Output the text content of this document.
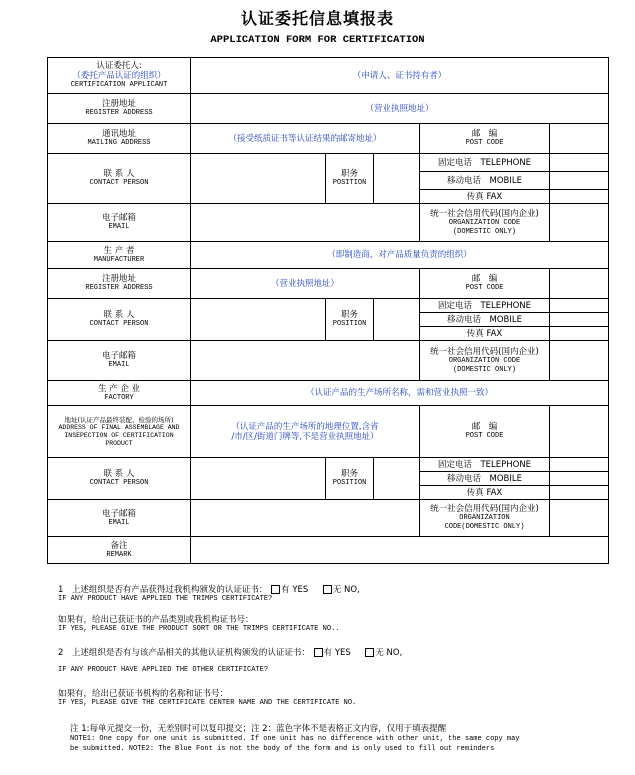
认证委托信息填报表
APPLICATION FORM FOR CERTIFICATION
认证委托人:
（委托产品认证的组织）
CERTIFICATION APPLICANT	（申请人、证书持有者）				

注册地址
REGISTER ADDRESS	（营业执照地址）				

通讯地址
MAILING ADDRESS	（接受纸质证书等认证结果的邮寄地址）			邮　编
POST CODE	

联 系 人
CONTACT PERSON		职务
POSITION		固定电话　TELEPHONE	

				移动电话　MOBILE	

				传真 FAX	

电子邮箱
EMAIL				统一社会信用代码(国内企业)
ORGANIZATION CODE
(DOMESTIC ONLY)	

生 产 者
MANUFACTURER	（即制造商，对产品质量负责的组织）				

注册地址
REGISTER ADDRESS	（营业执照地址）			邮　编
POST CODE	

联 系 人
CONTACT PERSON		职务
POSITION		固定电话　TELEPHONE	

				移动电话　MOBILE	

				传真 FAX	

电子邮箱
EMAIL				统一社会信用代码(国内企业)
ORGANIZATION CODE
(DOMESTIC ONLY)	

生 产 企 业
FACTORY	（认证产品的生产场所名称，需和营业执照一致）				

地址(认证产品最终装配、检验的场所)
ADDRESS OF FINAL ASSEMBLAGE AND INSEPECTION OF CERTIFICATION PRODUCT	（认证产品的生产场所的地理位置,含省
/市/区/街道门牌等,不是营业执照地址）			邮　编
POST CODE	

联 系 人
CONTACT PERSON		职务
POSITION		固定电话　TELEPHONE	

				移动电话　MOBILE	

				传真 FAX	

电子邮箱
EMAIL				统一社会信用代码(国内企业)
ORGANIZATION
CODE(DOMESTIC ONLY)	

备注
REMARK					

1　上述组织是否有产品获得过我机构颁发的认证证书： 有 YES	无 NO,
IF ANY PRODUCT HAVE APPLIED THE TRIMPS CERTIFICATE?
如果有，给出已获证书的产品类别或我机构证书号：
IF YES, PLEASE GIVE THE PRODUCT SORT OR THE TRIMPS CERTIFICATE NO..
2　上述组织是否有与该产品相关的其他认证机构颁发的认证证书： 有 YES	无 NO,
IF ANY PRODUCT HAVE APPLIED THE OTHER CERTIFICATE?
如果有，给出已获证书机构的名称和证书号：
IF YES, PLEASE GIVE THE CERTIFICATE CENTER NAME AND THE CERTIFICATE NO.
注 1:每单元提交一份，无差别时可以复印提交；注 2：蓝色字体不是表格正文内容，仅用于填表提醒
NOTE1: One copy for one unit is submitted. If one unit has no difference with other unit, the same copy may
be submitted. NOTE2: The Blue Font is not the body of the form and is only used to fill out reminders
